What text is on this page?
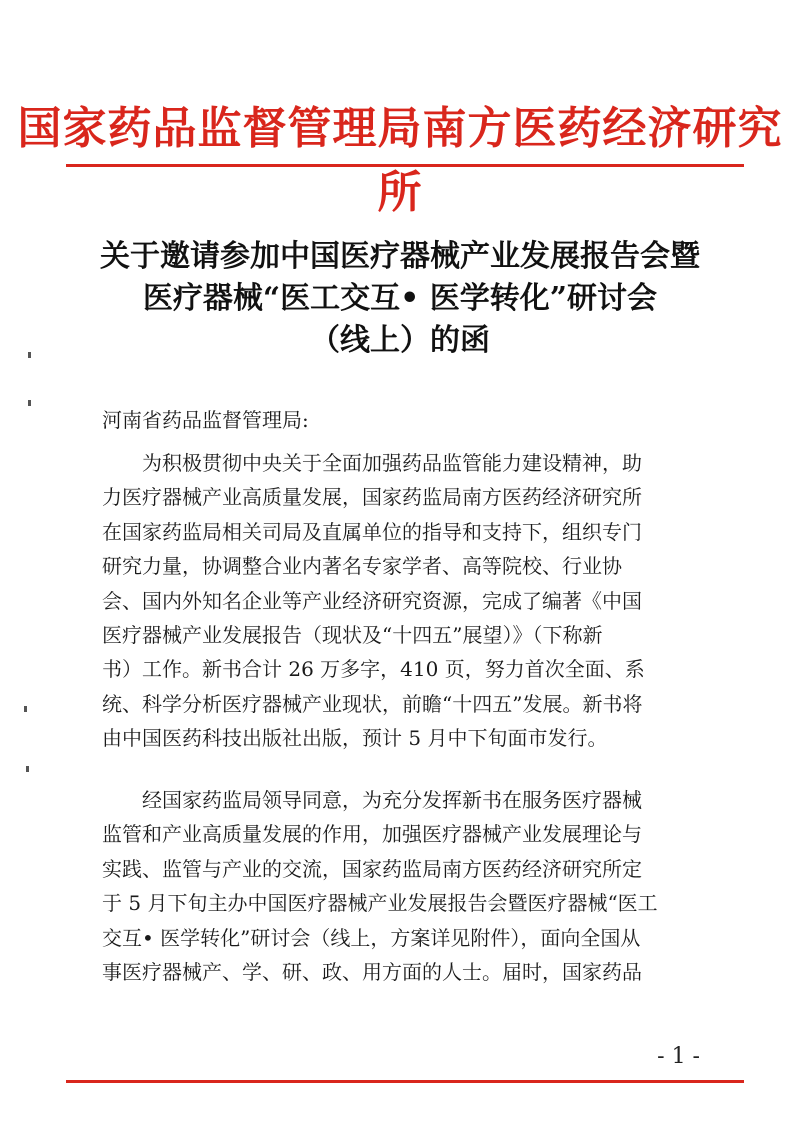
国家药品监督管理局南方医药经济研究所
关于邀请参加中国医疗器械产业发展报告会暨
医疗器械“医工交互• 医学转化”研讨会
（线上）的函
河南省药品监督管理局:
　　为积极贯彻中央关于全面加强药品监管能力建设精神，助
力医疗器械产业高质量发展，国家药监局南方医药经济研究所
在国家药监局相关司局及直属单位的指导和支持下，组织专门
研究力量，协调整合业内著名专家学者、高等院校、行业协
会、国内外知名企业等产业经济研究资源，完成了编著《中国
医疗器械产业发展报告（现状及“十四五”展望）》（下称新
书）工作。新书合计 26 万多字，410 页，努力首次全面、系
统、科学分析医疗器械产业现状，前瞻“十四五”发展。新书将
由中国医药科技出版社出版，预计 5 月中下旬面市发行。
　　经国家药监局领导同意，为充分发挥新书在服务医疗器械
监管和产业高质量发展的作用，加强医疗器械产业发展理论与
实践、监管与产业的交流，国家药监局南方医药经济研究所定
于 5 月下旬主办中国医疗器械产业发展报告会暨医疗器械“医工
交互• 医学转化”研讨会（线上，方案详见附件），面向全国从
事医疗器械产、学、研、政、用方面的人士。届时，国家药品
- 1 -
